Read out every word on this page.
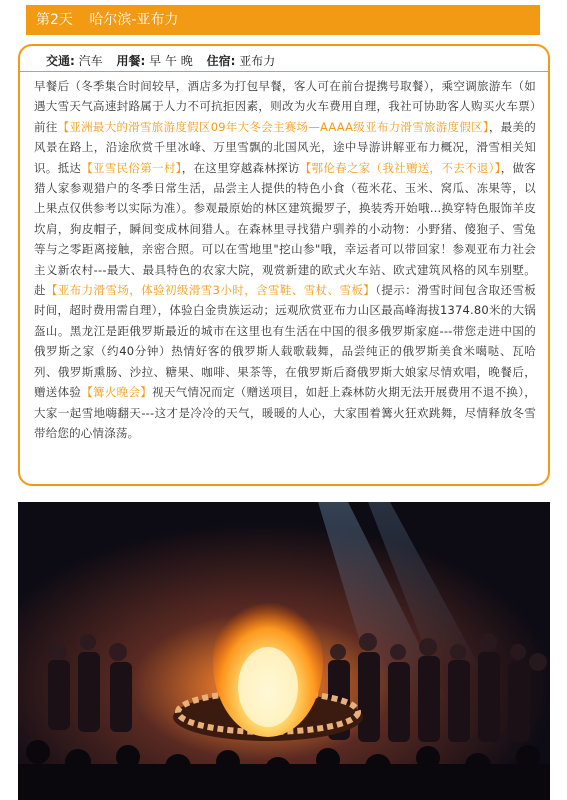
第2天 哈尔滨-亚布力
交通: 汽车 用餐: 早 午 晚 住宿: 亚布力
早餐后（冬季集合时间较早，酒店多为打包早餐，客人可在前台提携号取餐），乘空调旅游车（如遇大雪天气高速封路属于人力不可抗拒因素，则改为火车费用自理，我社可协助客人购买火车票）前往【亚洲最大的滑雪旅游度假区09年大冬会主赛场—AAAA级亚布力滑雪旅游度假区】，最美的风景在路上，沿途欣赏千里冰峰、万里雪飘的北国风光，途中导游讲解亚布力概况，滑雪相关知识。抵达【亚雪民俗第一村】，在这里穿越森林探访【鄂伦春之家（我社赠送，不去不退）】，做客猎人家参观猎户的冬季日常生活，品尝主人提供的特色小食（苞米花、玉米、窝瓜、冻果等，以上果点仅供参考以实际为准）。参观最原始的林区建筑撮罗子，换装秀开始哦…换穿特色服饰羊皮坎肩，狗皮帽子，瞬间变成林间猎人。在森林里寻找猎户驯养的小动物：小野猪、傻狍子、雪兔等与之零距离接触，亲密合照。可以在雪地里"挖山参"哦，幸运者可以带回家！参观亚布力社会主义新农村---最大、最具特色的农家大院，观赏新建的欧式火车站、欧式建筑风格的风车别墅。赴【亚布力滑雪场，体验初级滑雪3小时，含雪鞋、雪杖、雪板】（提示：滑雪时间包含取还雪板时间，超时费用需自理），体验白金贵族运动；远观欣赏亚布力山区最高峰海拔1374.80米的大锅盔山。黑龙江是距俄罗斯最近的城市在这里也有生活在中国的很多俄罗斯家庭---带您走进中国的俄罗斯之家（约40分钟）热情好客的俄罗斯人载歌载舞，品尝纯正的俄罗斯美食米噶哒、瓦哈列、俄罗斯熏肠、沙拉、糖果、咖啡、果茶等，在俄罗斯后裔俄罗斯大娘家尽情欢唱，晚餐后，赠送体验【篝火晚会】视天气情况而定（赠送项目，如赶上森林防火期无法开展费用不退不换），大家一起雪地嗨翻天---这才是冷冷的天气，暖暖的人心，大家围着篝火狂欢跳舞，尽情释放冬雪带给您的心情涤荡。
